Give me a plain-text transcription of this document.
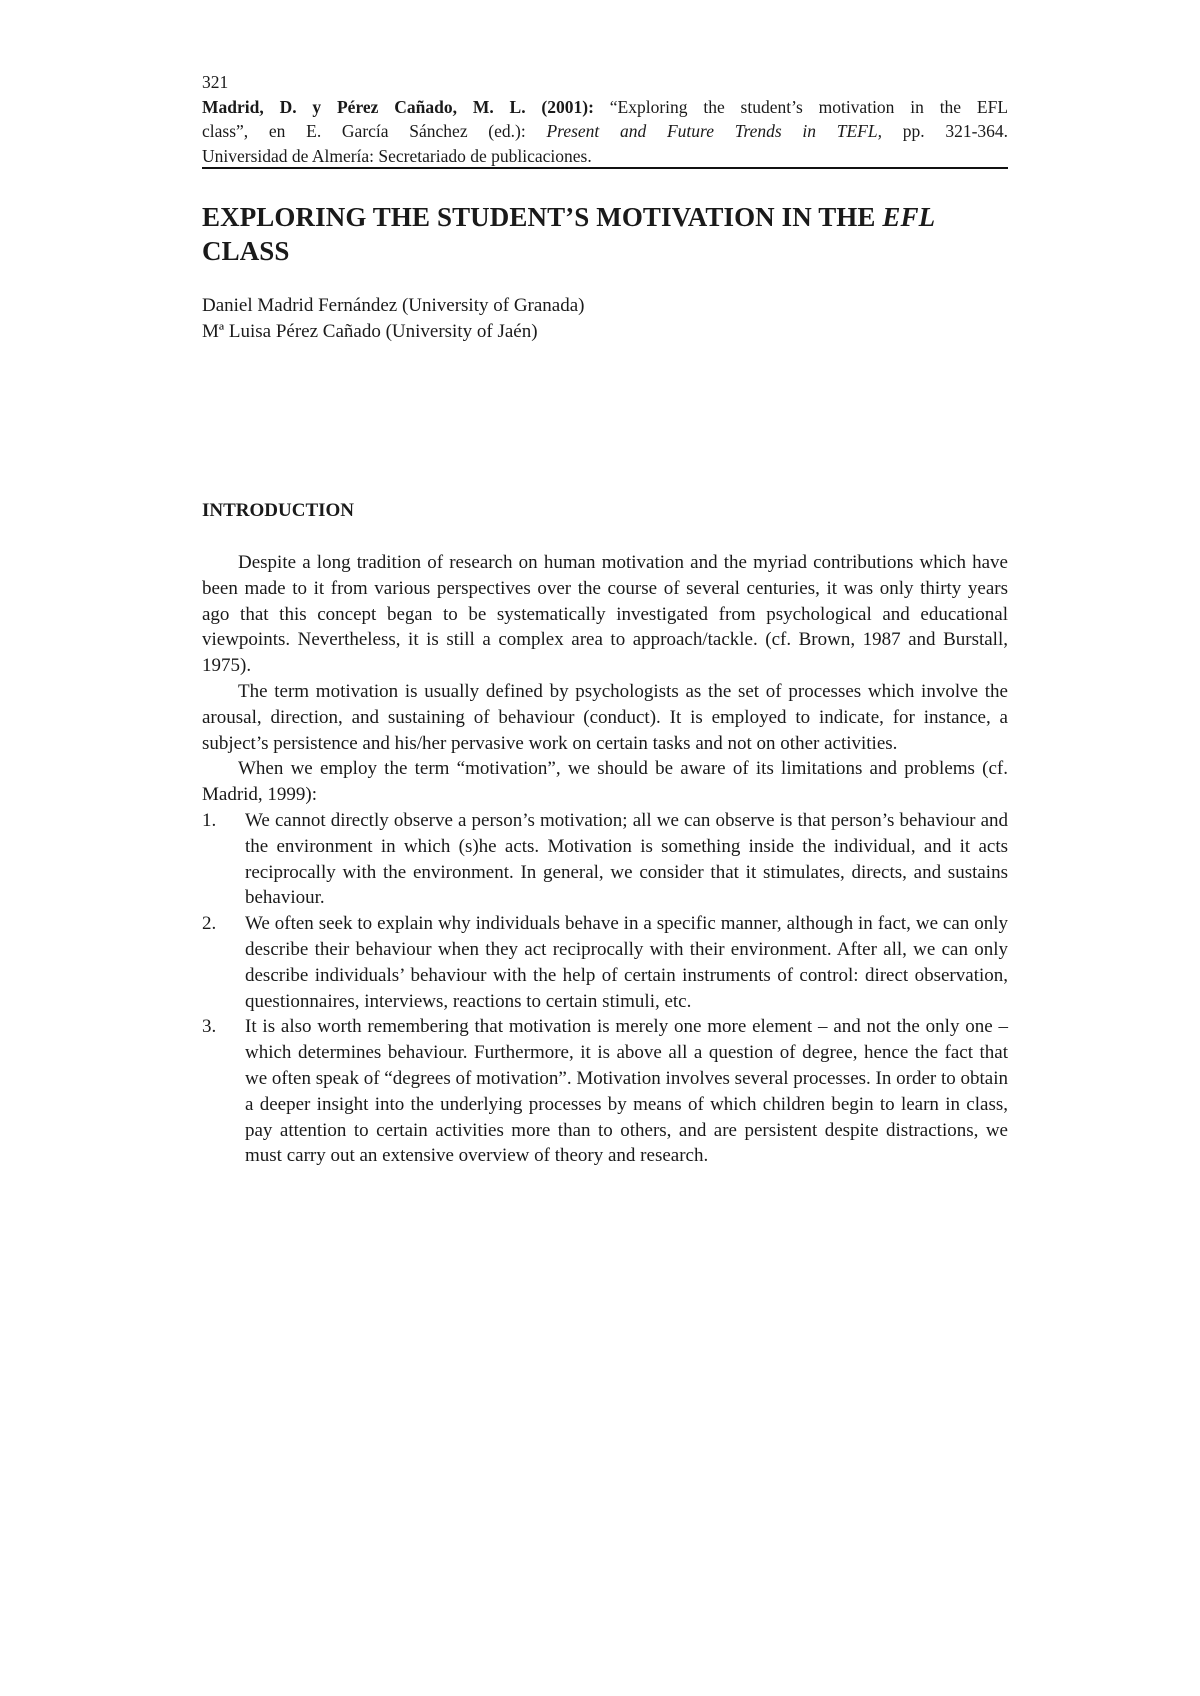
321
Madrid, D. y Pérez Cañado, M. L. (2001): “Exploring the student’s motivation in the EFL
class”, en E. García Sánchez (ed.): Present and Future Trends in TEFL, pp. 321-364.
Universidad de Almería: Secretariado de publicaciones.
EXPLORING THE STUDENT’S MOTIVATION IN THE EFL
CLASS
Daniel Madrid Fernández (University of Granada)
Mª Luisa Pérez Cañado (University of Jaén)
INTRODUCTION

Despite a long tradition of research on human motivation and the myriad contributions which have been made to it from various perspectives over the course of several centuries, it was only thirty years ago that this concept began to be systematically investigated from psychological and educational viewpoints. Nevertheless, it is still a complex area to approach/tackle. (cf. Brown, 1987 and Burstall, 1975).

The term motivation is usually defined by psychologists as the set of processes which involve the arousal, direction, and sustaining of behaviour (conduct). It is employed to indicate, for instance, a subject’s persistence and his/her pervasive work on certain tasks and not on other activities.

When we employ the term “motivation”, we should be aware of its limitations and problems (cf. Madrid, 1999):

1. We cannot directly observe a person’s motivation; all we can observe is that person’s behaviour and the environment in which (s)he acts. Motivation is something inside the individual, and it acts reciprocally with the environment. In general, we consider that it stimulates, directs, and sustains behaviour.
2. We often seek to explain why individuals behave in a specific manner, although in fact, we can only describe their behaviour when they act reciprocally with their environment. After all, we can only describe individuals’ behaviour with the help of certain instruments of control: direct observation, questionnaires, interviews, reactions to certain stimuli, etc.
3. It is also worth remembering that motivation is merely one more element – and not the only one – which determines behaviour. Furthermore, it is above all a question of degree, hence the fact that we often speak of “degrees of motivation”. Motivation involves several processes. In order to obtain a deeper insight into the underlying processes by means of which children begin to learn in class, pay attention to certain activities more than to others, and are persistent despite distractions, we must carry out an extensive overview of theory and research.
